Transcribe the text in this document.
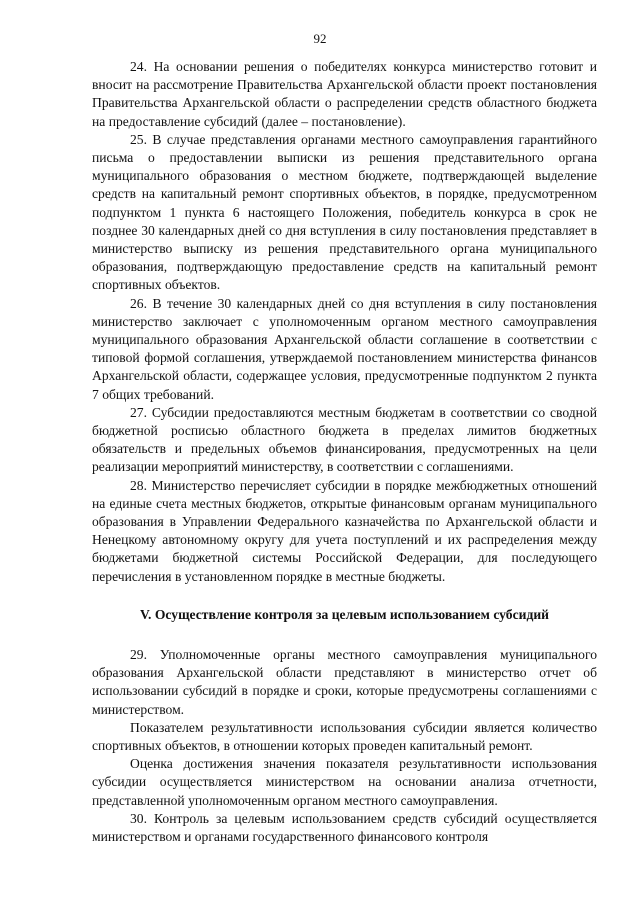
92

24. На основании решения о победителях конкурса министерство готовит и вносит на рассмотрение Правительства Архангельской области проект постановления Правительства Архангельской области о распределении средств областного бюджета на предоставление субсидий (далее – постановление).

25. В случае представления органами местного самоуправления гарантийного письма о предоставлении выписки из решения представительного органа муниципального образования о местном бюджете, подтверждающей выделение средств на капитальный ремонт спортивных объектов, в порядке, предусмотренном подпунктом 1 пункта 6 настоящего Положения, победитель конкурса в срок не позднее 30 календарных дней со дня вступления в силу постановления представляет в министерство выписку из решения представительного органа муниципального образования, подтверждающую предоставление средств на капитальный ремонт спортивных объектов.

26. В течение 30 календарных дней со дня вступления в силу постановления министерство заключает с уполномоченным органом местного самоуправления муниципального образования Архангельской области соглашение в соответствии с типовой формой соглашения, утверждаемой постановлением министерства финансов Архангельской области, содержащее условия, предусмотренные подпунктом 2 пункта 7 общих требований.

27. Субсидии предоставляются местным бюджетам в соответствии со сводной бюджетной росписью областного бюджета в пределах лимитов бюджетных обязательств и предельных объемов финансирования, предусмотренных на цели реализации мероприятий министерству, в соответствии с соглашениями.

28. Министерство перечисляет субсидии в порядке межбюджетных отношений на единые счета местных бюджетов, открытые финансовым органам муниципального образования в Управлении Федерального казначейства по Архангельской области и Ненецкому автономному округу для учета поступлений и их распределения между бюджетами бюджетной системы Российской Федерации, для последующего перечисления в установленном порядке в местные бюджеты.

V. Осуществление контроля за целевым использованием субсидий

29. Уполномоченные органы местного самоуправления муниципального образования Архангельской области представляют в министерство отчет об использовании субсидий в порядке и сроки, которые предусмотрены соглашениями с министерством.

Показателем результативности использования субсидии является количество спортивных объектов, в отношении которых проведен капитальный ремонт.

Оценка достижения значения показателя результативности использования субсидии осуществляется министерством на основании анализа отчетности, представленной уполномоченным органом местного самоуправления.

30. Контроль за целевым использованием средств субсидий осуществляется министерством и органами государственного финансового контроля
